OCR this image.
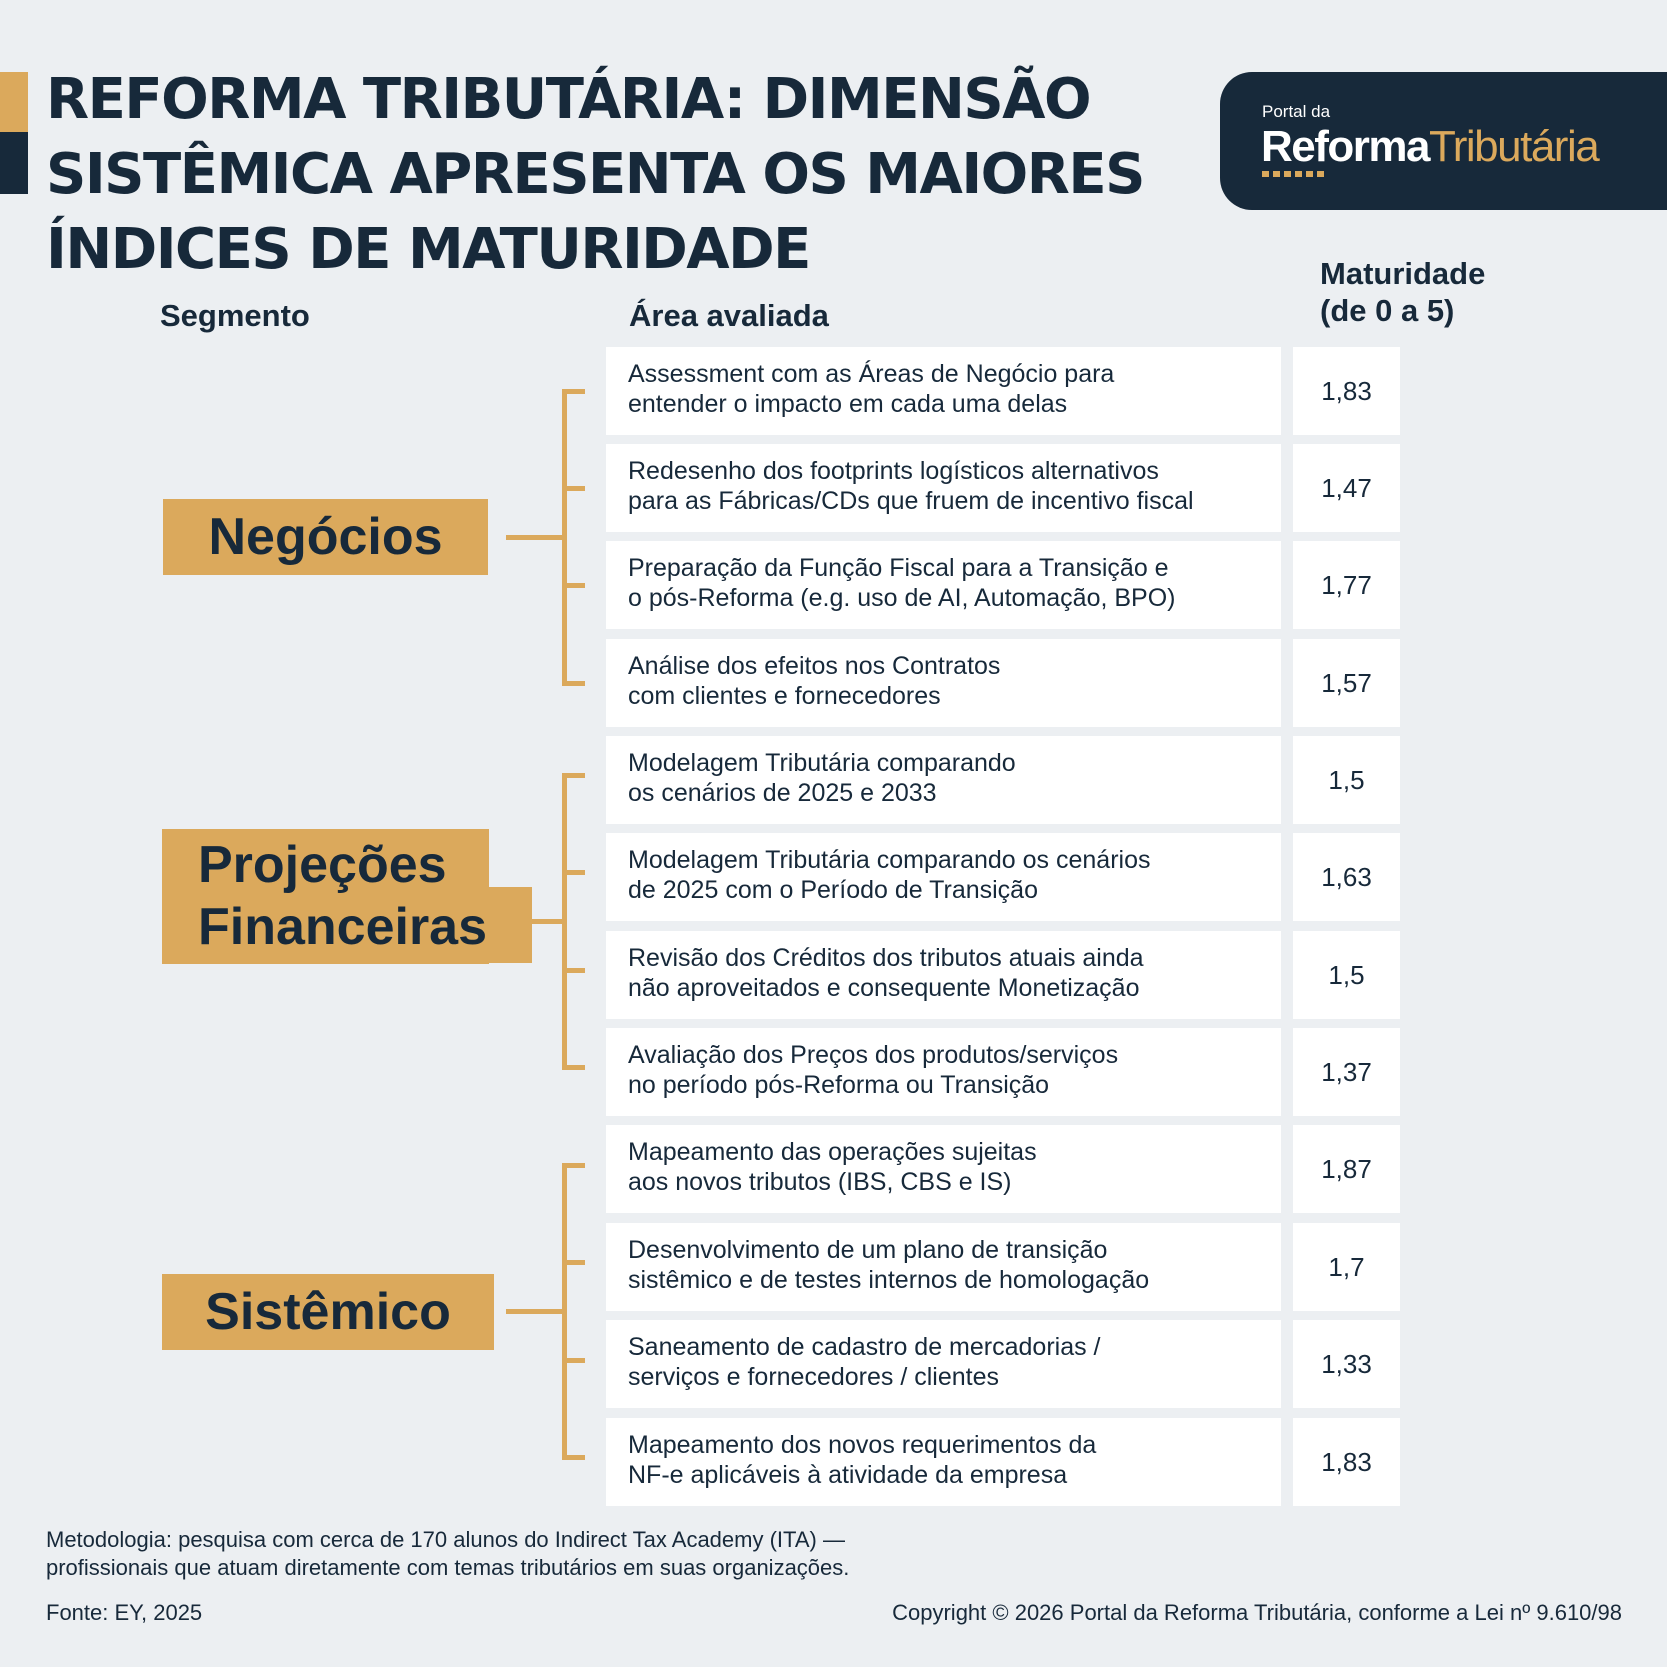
REFORMA TRIBUTÁRIA: DIMENSÃO
SISTÊMICA APRESENTA OS MAIORES
ÍNDICES DE MATURIDADE
Portal da
ReformaTributária
Segmento	Área avaliada
Maturidade
(de 0 a 5)
Negócios
Projeções
Financeiras
Sistêmico
Assessment com as Áreas de Negócio para
entender o impacto em cada uma delas	1,83
Redesenho dos footprints logísticos alternativos
para as Fábricas/CDs que fruem de incentivo fiscal	1,47
Preparação da Função Fiscal para a Transição e
o pós-Reforma (e.g. uso de AI, Automação, BPO)	1,77
Análise dos efeitos nos Contratos
com clientes e fornecedores	1,57
Modelagem Tributária comparando
os cenários de 2025 e 2033	1,5
Modelagem Tributária comparando os cenários
de 2025 com o Período de Transição	1,63
Revisão dos Créditos dos tributos atuais ainda
não aproveitados e consequente Monetização	1,5
Avaliação dos Preços dos produtos/serviços
no período pós-Reforma ou Transição	1,37
Mapeamento das operações sujeitas
aos novos tributos (IBS, CBS e IS)	1,87
Desenvolvimento de um plano de transição
sistêmico e de testes internos de homologação	1,7
Saneamento de cadastro de mercadorias /
serviços e fornecedores / clientes	1,33
Mapeamento dos novos requerimentos da
NF-e aplicáveis à atividade da empresa	1,83
Metodologia: pesquisa com cerca de 170 alunos do Indirect Tax Academy (ITA) —
profissionais que atuam diretamente com temas tributários em suas organizações.
Fonte: EY, 2025	Copyright © 2026 Portal da Reforma Tributária, conforme a Lei nº 9.610/98
